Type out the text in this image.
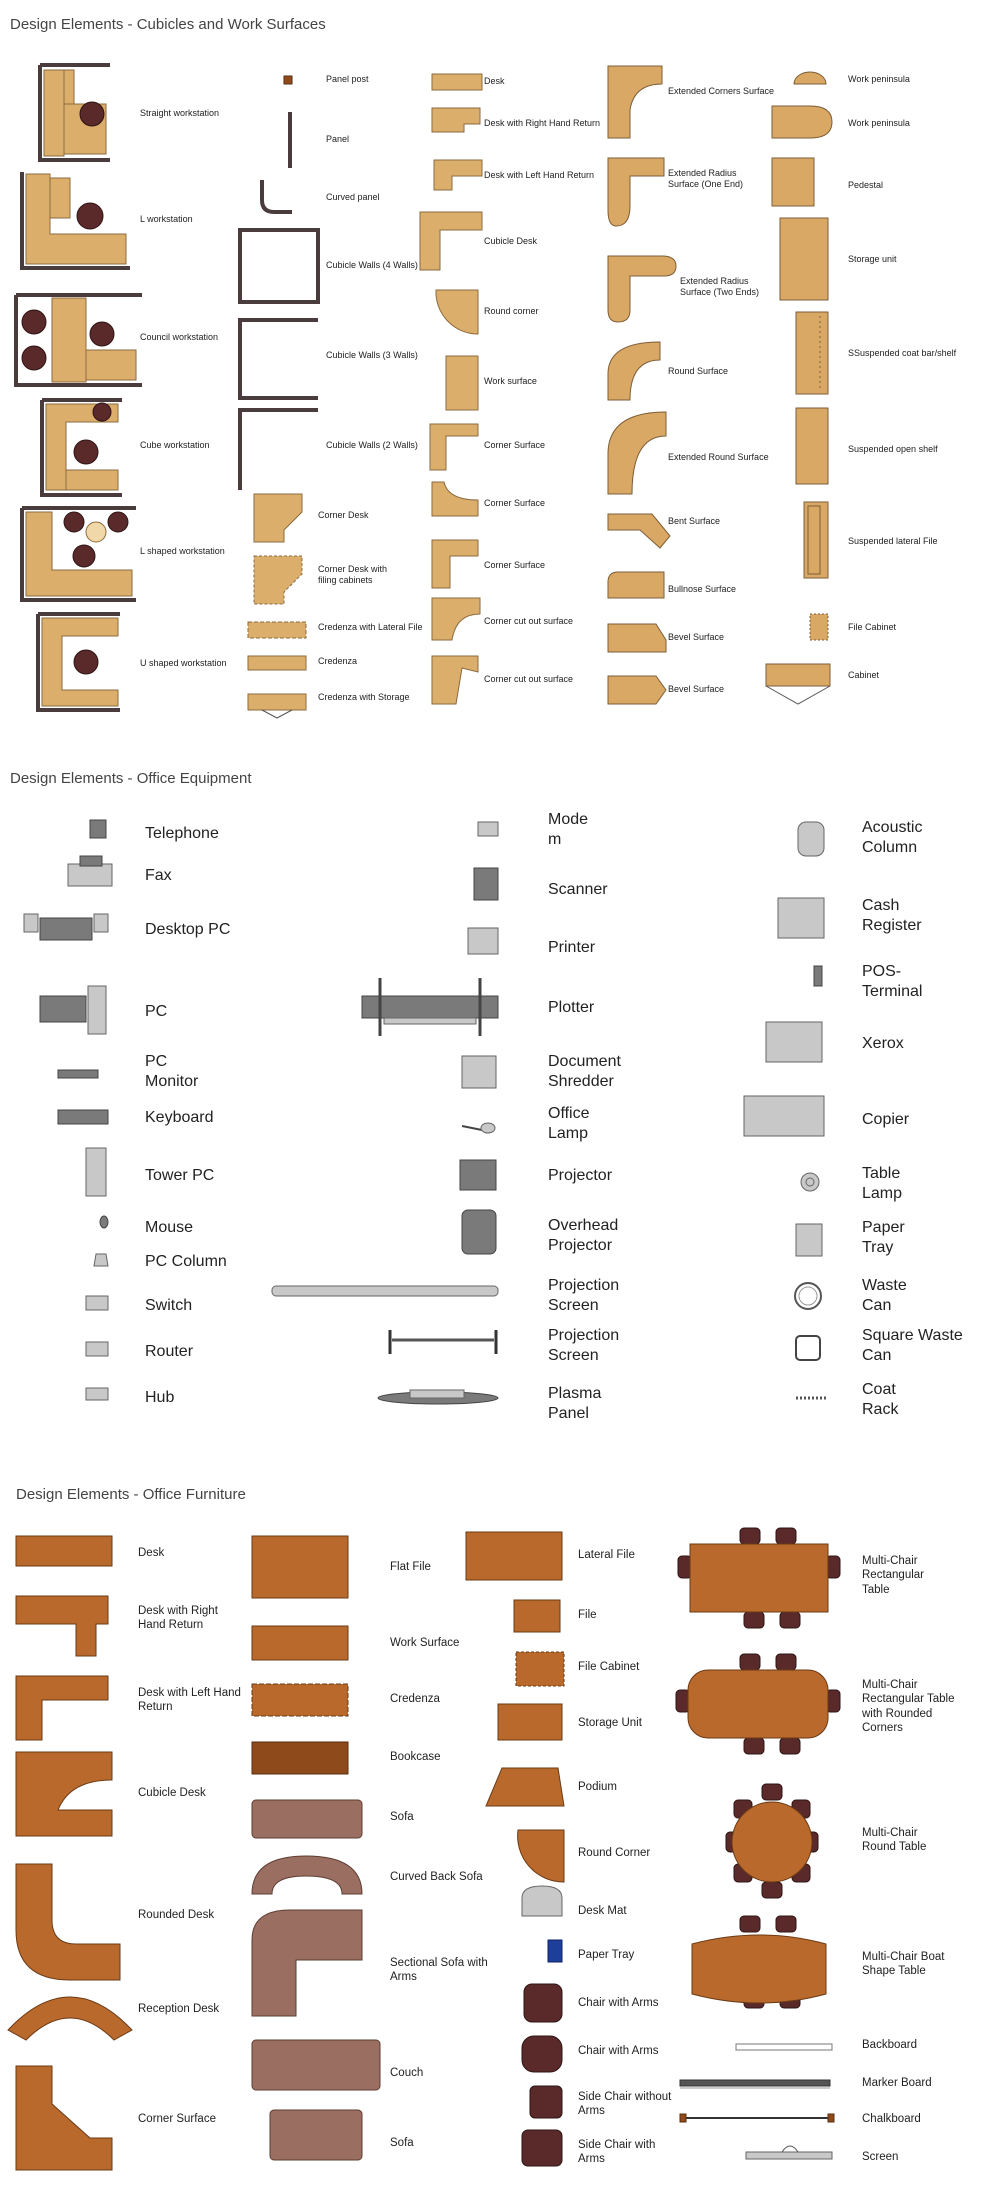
Design Elements - Cubicles and Work Surfaces
Design Elements - Office Equipment
Design Elements - Office Furniture
Straight workstation
L workstation
Council workstation
Cube workstation
L shaped workstation
U shaped workstation
Panel post
Panel
Curved panel
Cubicle Walls (4 Walls)
Cubicle Walls (3 Walls)
Cubicle Walls (2 Walls)
Corner Desk
Corner Desk with filing cabinets
Credenza with Lateral File
Credenza
Credenza with Storage
Desk
Desk with Right Hand Return
Desk with Left Hand Return
Cubicle Desk
Round corner
Work surface
Corner Surface
Corner Surface
Corner Surface
Corner cut out surface
Corner cut out surface
Extended Corners Surface
Extended Radius Surface (One End)
Extended Radius Surface (Two Ends)
Round Surface
Extended Round Surface
Bent Surface
Bullnose Surface
Bevel Surface
Bevel Surface
Work peninsula
Work peninsula
Pedestal
Storage unit
SSuspended coat bar/shelf
Suspended open shelf
Suspended lateral File
File Cabinet
Cabinet
Telephone
Fax
Desktop PC
PC
PC Monitor
Keyboard
Tower PC
Mouse
PC Column
Switch
Router
Hub
Modem
Scanner
Printer
Plotter
Document Shredder
Office Lamp
Projector
Overhead Projector
Projection Screen
Projection Screen
Plasma Panel
Acoustic Column
Cash Register
POS-Terminal
Xerox
Copier
Table Lamp
Paper Tray
Waste Can
Square Waste Can
Coat Rack
Desk
Desk with Right Hand Return
Desk with Left Hand Return
Cubicle Desk
Rounded Desk
Reception Desk
Corner Surface
Flat File
Work Surface
Credenza
Bookcase
Sofa
Curved Back Sofa
Sectional Sofa with Arms
Couch
Sofa
Lateral File
File
File Cabinet
Storage Unit
Podium
Round Corner
Desk Mat
Paper Tray
Chair with Arms
Chair with Arms
Side Chair without Arms
Side Chair with Arms
Multi-Chair Rectangular Table
Multi-Chair Rectangular Table with Rounded Corners
Multi-Chair Round Table
Multi-Chair Boat Shape Table
Backboard
Marker Board
Chalkboard
Screen
